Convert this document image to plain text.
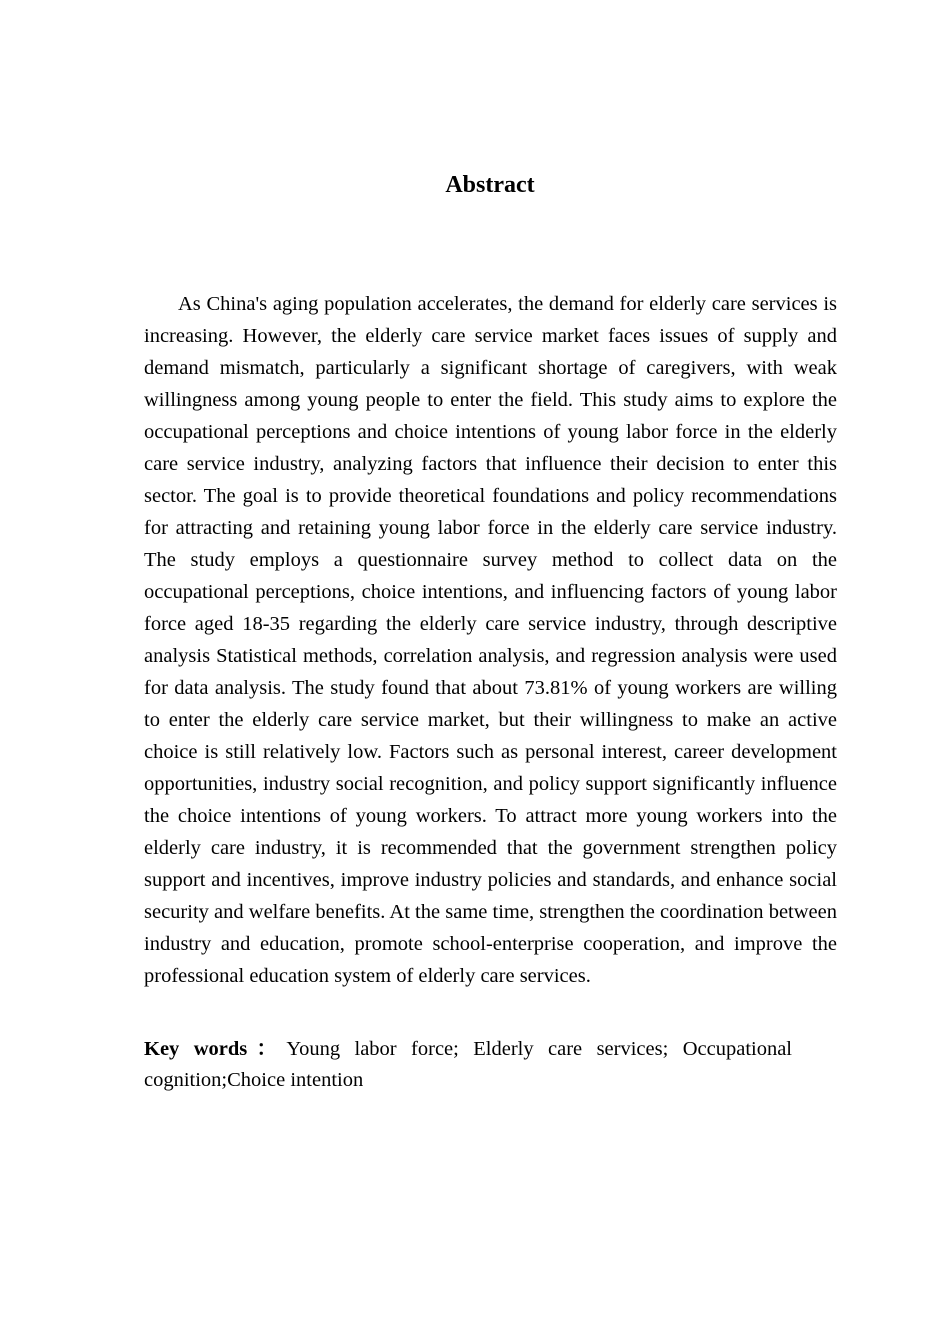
Abstract

As China's aging population accelerates, the demand for elderly care services is increasing. However, the elderly care service market faces issues of supply and demand mismatch, particularly a significant shortage of caregivers, with weak willingness among young people to enter the field. This study aims to explore the occupational perceptions and choice intentions of young labor force in the elderly care service industry, analyzing factors that influence their decision to enter this sector. The goal is to provide theoretical foundations and policy recommendations for attracting and retaining young labor force in the elderly care service industry. The study employs a questionnaire survey method to collect data on the occupational perceptions, choice intentions, and influencing factors of young labor force aged 18-35 regarding the elderly care service industry, through descriptive analysis Statistical methods, correlation analysis, and regression analysis were used for data analysis. The study found that about 73.81% of young workers are willing to enter the elderly care service market, but their willingness to make an active choice is still relatively low. Factors such as personal interest, career development opportunities, industry social recognition, and policy support significantly influence the choice intentions of young workers. To attract more young workers into the elderly care industry, it is recommended that the government strengthen policy support and incentives, improve industry policies and standards, and enhance social security and welfare benefits. At the same time, strengthen the coordination between industry and education, promote school-enterprise cooperation, and improve the professional education system of elderly care services.

Key words：Young labor force; Elderly care services; Occupational cognition;Choice intention
